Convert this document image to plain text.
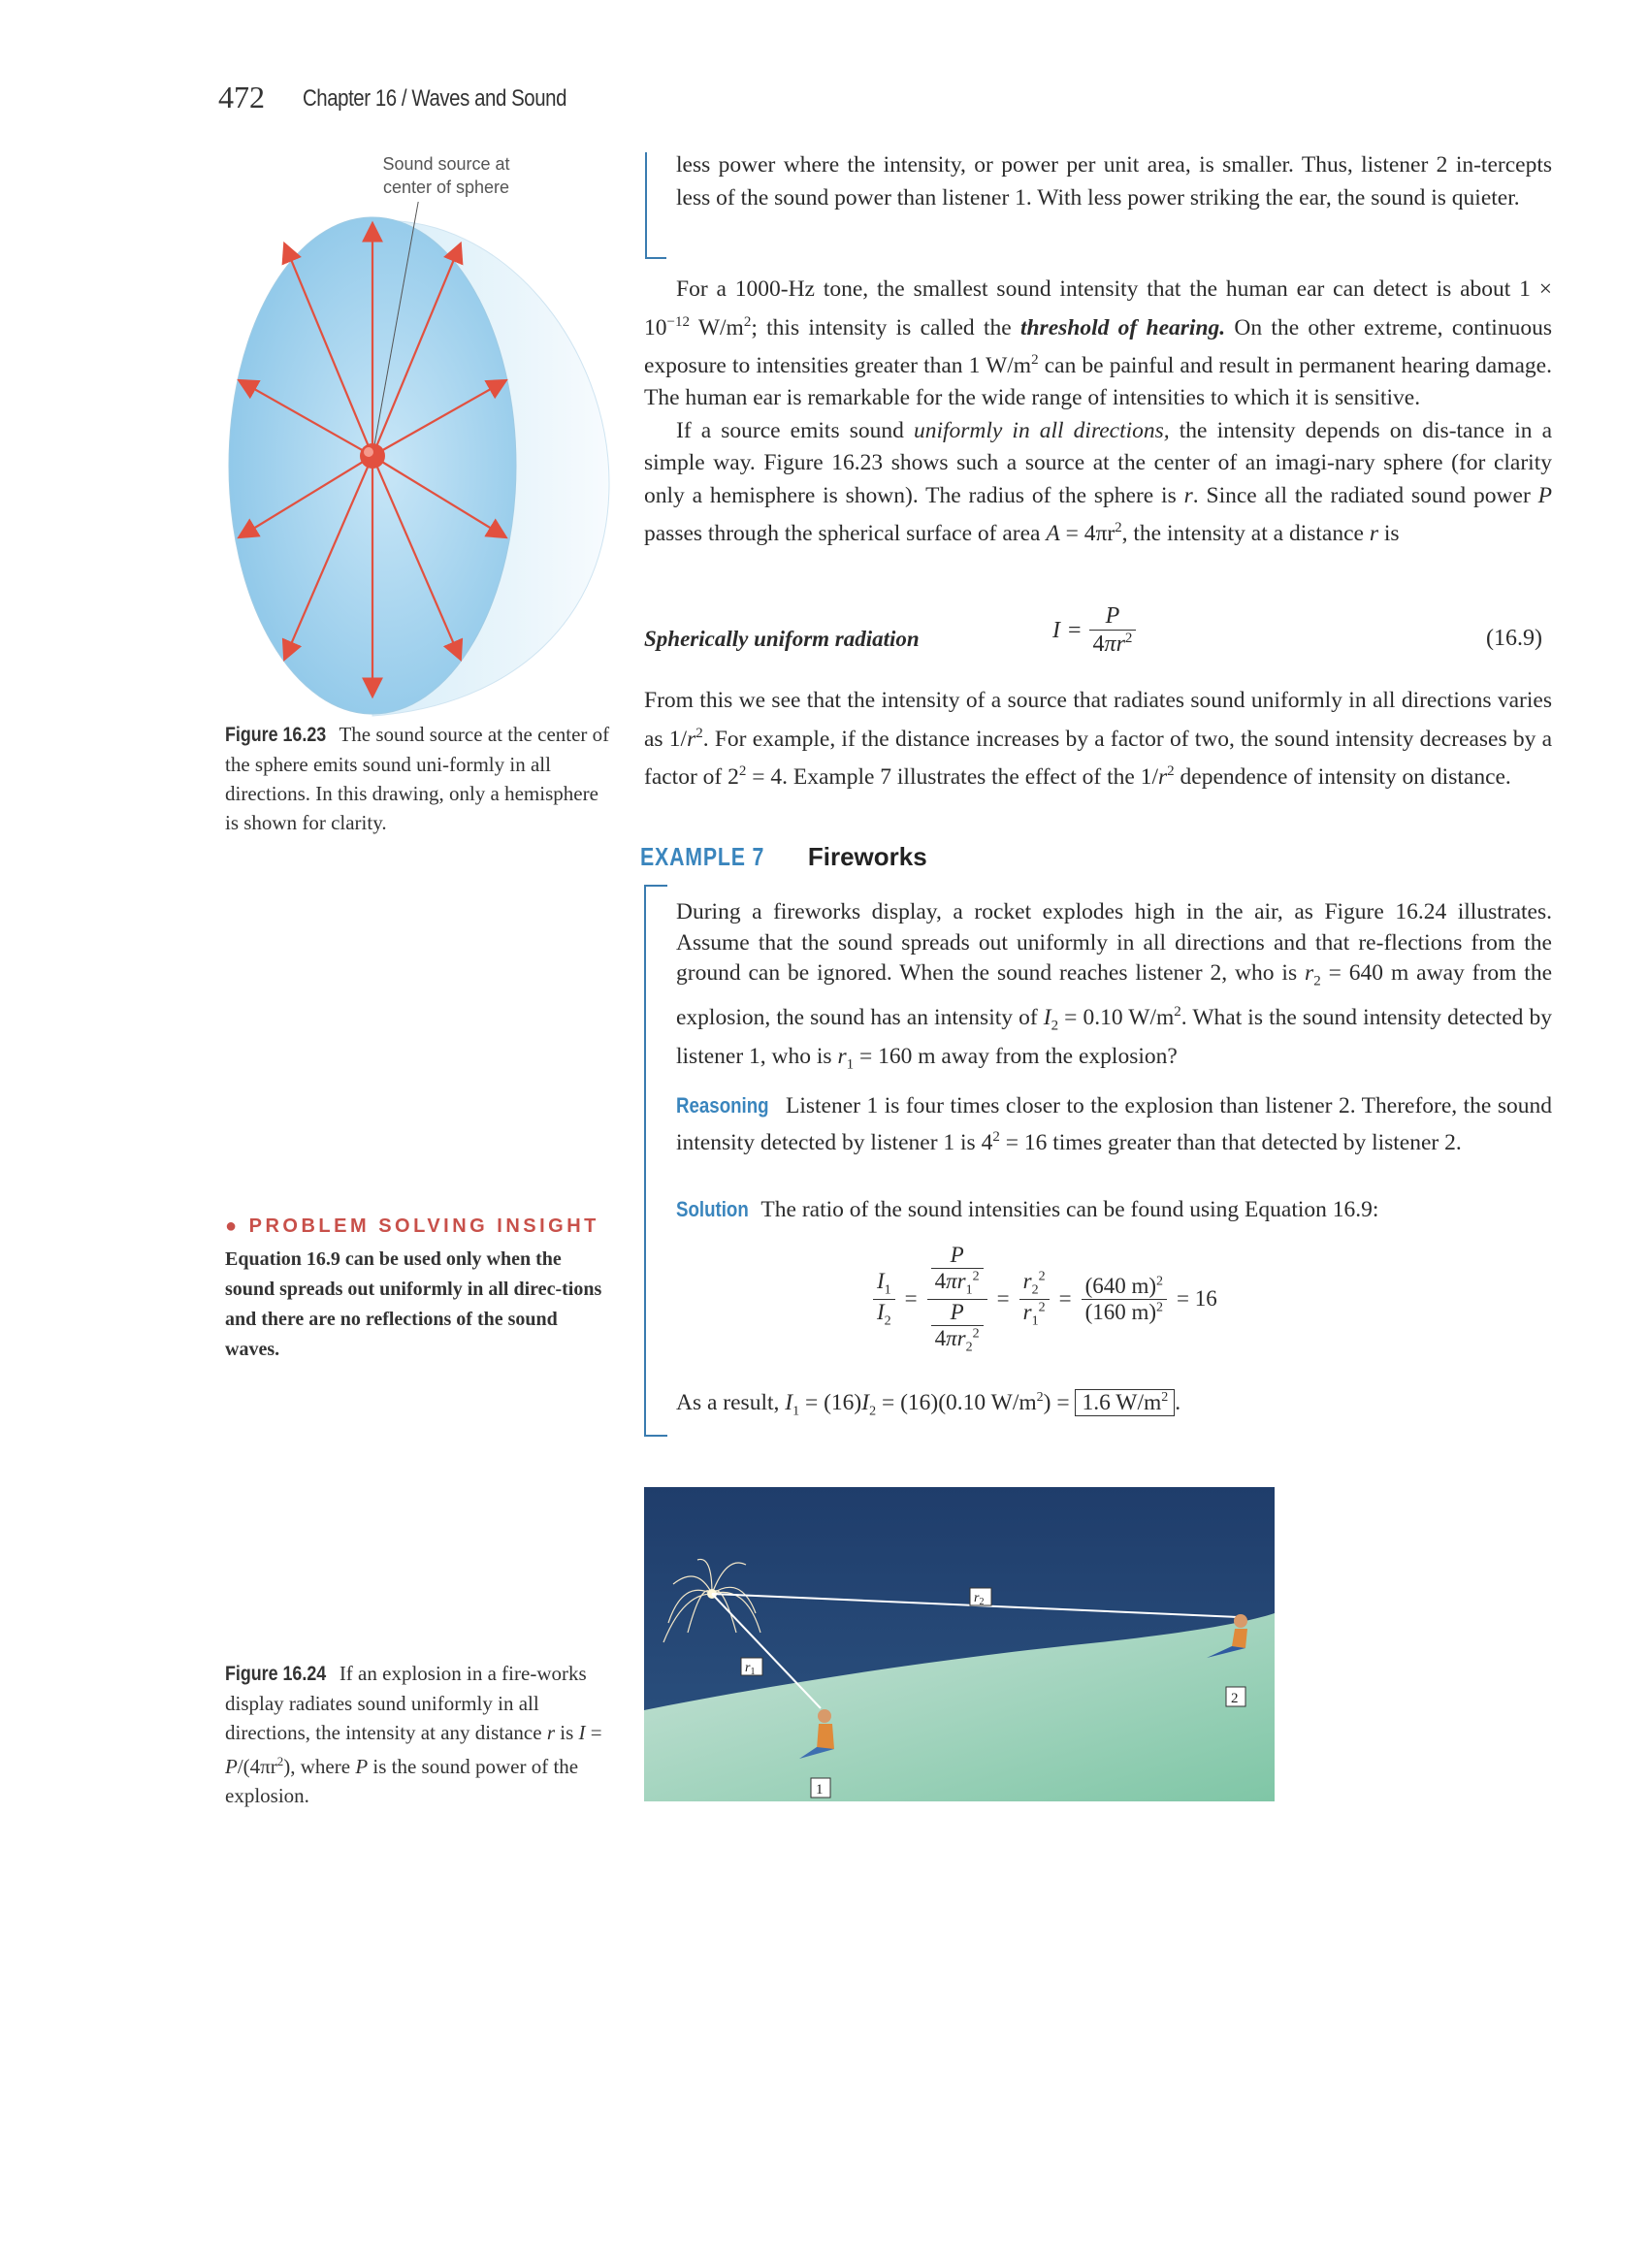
472 Chapter 16 / Waves and Sound
Sound source at
center of sphere
Figure 16.23 The sound source at the center of the sphere emits sound uni-formly in all directions. In this drawing, only a hemisphere is shown for clarity.
less power where the intensity, or power per unit area, is smaller. Thus, listener 2 in-tercepts less of the sound power than listener 1. With less power striking the ear, the sound is quieter.

For a 1000-Hz tone, the smallest sound intensity that the human ear can detect is about $1 \times 10^{-12}$ $W/m^2$; this intensity is called the threshold of hearing. On the other extreme, continuous exposure to intensities greater than 1 $W/m^2$ can be painful and result in permanent hearing damage. The human ear is remarkable for the wide range of intensities to which it is sensitive.

If a source emits sound uniformly in all directions, the intensity depends on dis-tance in a simple way. Figure 16.23 shows such a source at the center of an imagi-nary sphere (for clarity only a hemisphere is shown). The radius of the sphere is r. Since all the radiated sound power P passes through the spherical surface of area $A = 4\pi r^2$, the intensity at a distance r is

Spherically uniform radiation	$I = \frac{P}{4\pi r^2}$	(16.9)
From this we see that the intensity of a source that radiates sound uniformly in all directions varies as $1/r^2$. For example, if the distance increases by a factor of two, the sound intensity decreases by a factor of $2^2 = 4$. Example 7 illustrates the effect of the $1/r^2$ dependence of intensity on distance.
EXAMPLE 7 Fireworks
During a fireworks display, a rocket explodes high in the air, as Figure 16.24 illustrates. Assume that the sound spreads out uniformly in all directions and that re-flections from the ground can be ignored. When the sound reaches listener 2, who is $r_2 = 640$ m away from the explosion, the sound has an intensity of $I_2 = 0.10$ $W/m^2$. What is the sound intensity detected by listener 1, who is $r_1 = 160$ m away from the explosion?
Reasoning Listener 1 is four times closer to the explosion than listener 2. Therefore, the sound intensity detected by listener 1 is $4^2 = 16$ times greater than that detected by listener 2.
Solution The ratio of the sound intensities can be found using Equation 16.9:
$\frac{I_1}{I_2} = \frac{\frac{P}{4\pi r_1^2}}{\frac{P}{4\pi r_2^2}} = \frac{r_2^2}{r_1^2} = \frac{(640 m)^2}{(160 m)^2} = 16$
As a result, $I_1 = (16)I_2 = (16)(0.10$ $W/m^2) = 1.6$ $W/m^2$ .
● PROBLEM SOLVING INSIGHT
Equation 16.9 can be used only when the sound spreads out uniformly in all direc-tions and there are no reflections of the sound waves.
$r_2$
$r_1$
2
1
Figure 16.24 If an explosion in a fire-works display radiates sound uniformly in all directions, the intensity at any distance r is $I = P/(4\pi r^2)$, where P is the sound power of the explosion.
